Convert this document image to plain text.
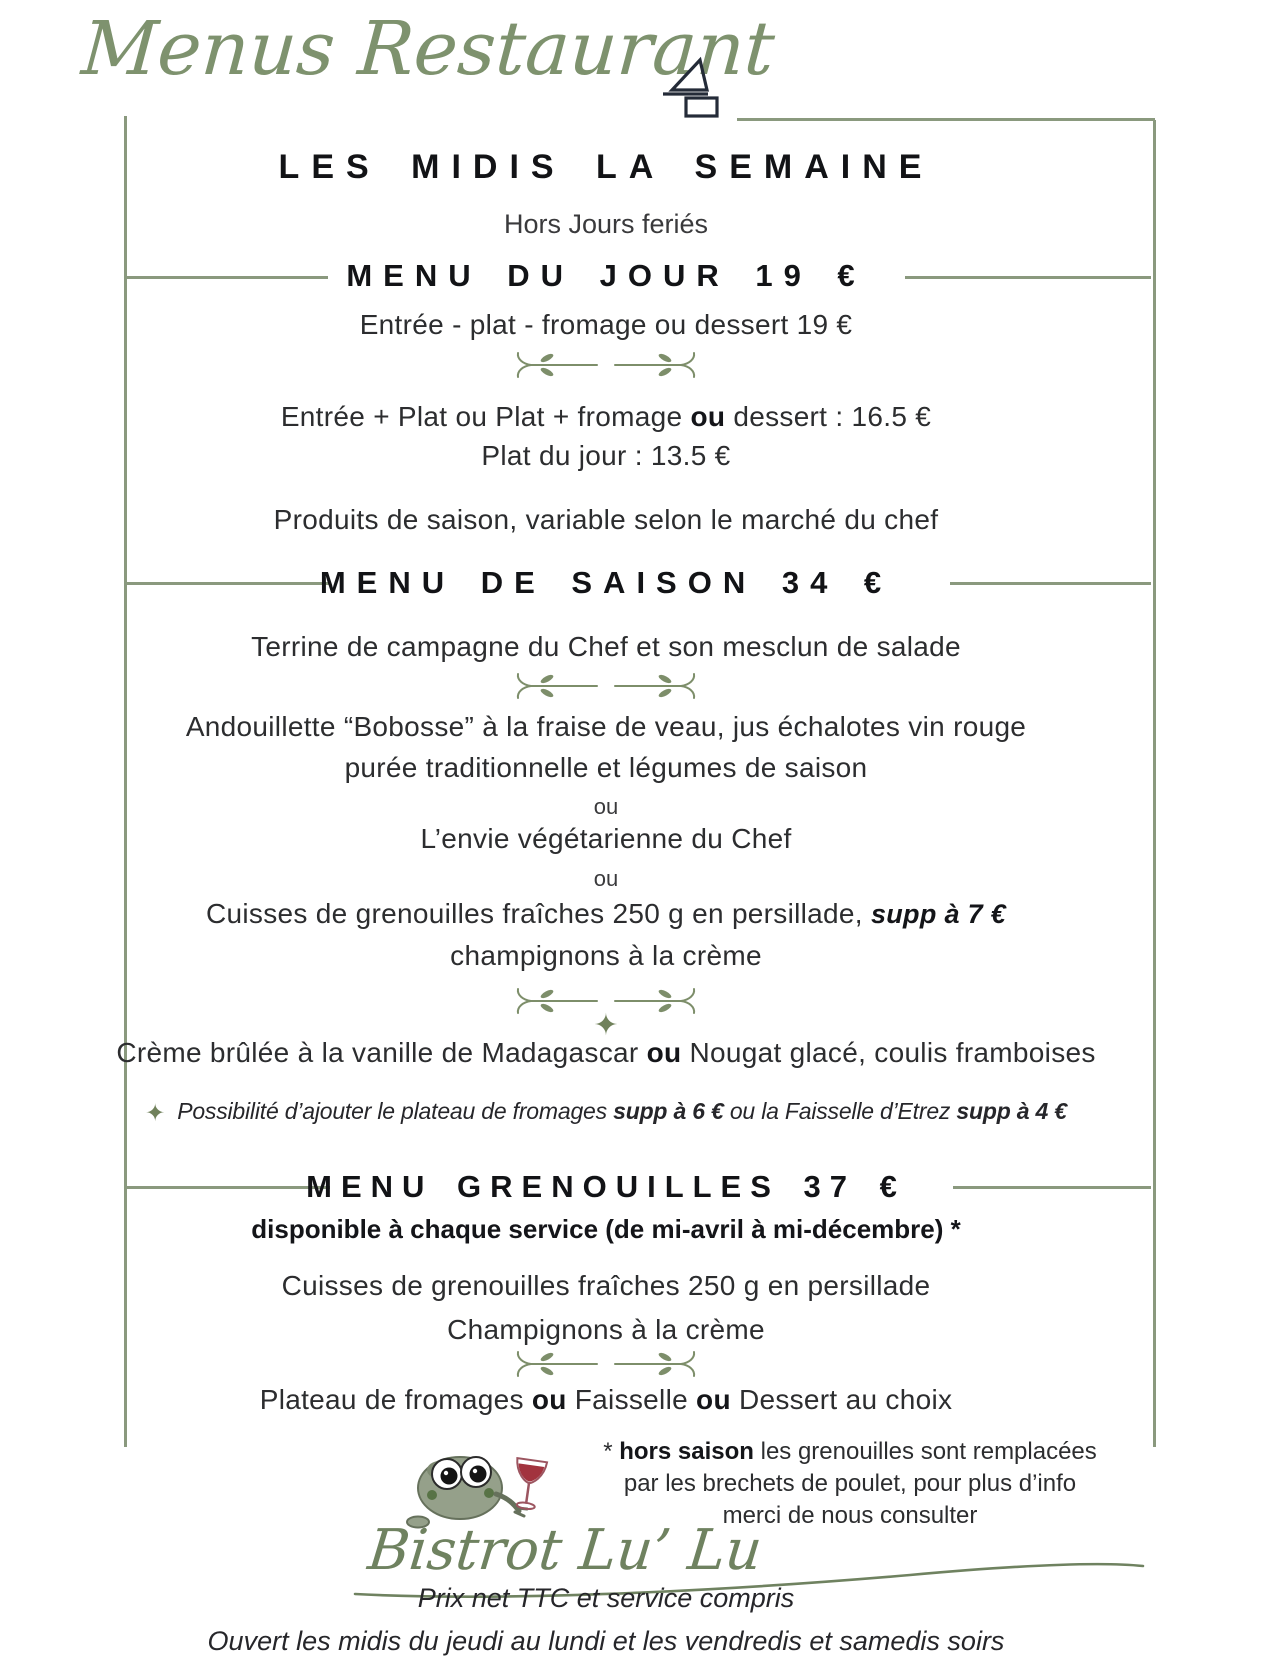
Menus Restaurant
LES MIDIS LA SEMAINE
Hors Jours feriés
MENU DU JOUR 19 €
Entrée - plat - fromage ou dessert 19 €
Entrée + Plat ou Plat + fromage ou dessert : 16.5 €
Plat du jour : 13.5 €
Produits de saison, variable selon le marché du chef
MENU DE SAISON 34 €
Terrine de campagne du Chef et son mesclun de salade
Andouillette “Bobosse” à la fraise de veau, jus échalotes vin rouge
purée traditionnelle et légumes de saison
ou
L’envie végétarienne du Chef
ou
Cuisses de grenouilles fraîches 250 g en persillade, supp à 7 €
champignons à la crème
✦
Crème brûlée à la vanille de Madagascar ou Nougat glacé, coulis framboises
✦ Possibilité d’ajouter le plateau de fromages supp à 6 € ou la Faisselle d’Etrez supp à 4 €
MENU GRENOUILLES 37 €
disponible à chaque service (de mi-avril à mi-décembre) *
Cuisses de grenouilles fraîches 250 g en persillade
Champignons à la crème
Plateau de fromages ou Faisselle ou Dessert au choix
* hors saison les grenouilles sont remplacées
par les brechets de poulet, pour plus d’info
merci de nous consulter
Bistrot Lu’ Lu
Prix net TTC et service compris
Ouvert les midis du jeudi au lundi et les vendredis et samedis soirs
